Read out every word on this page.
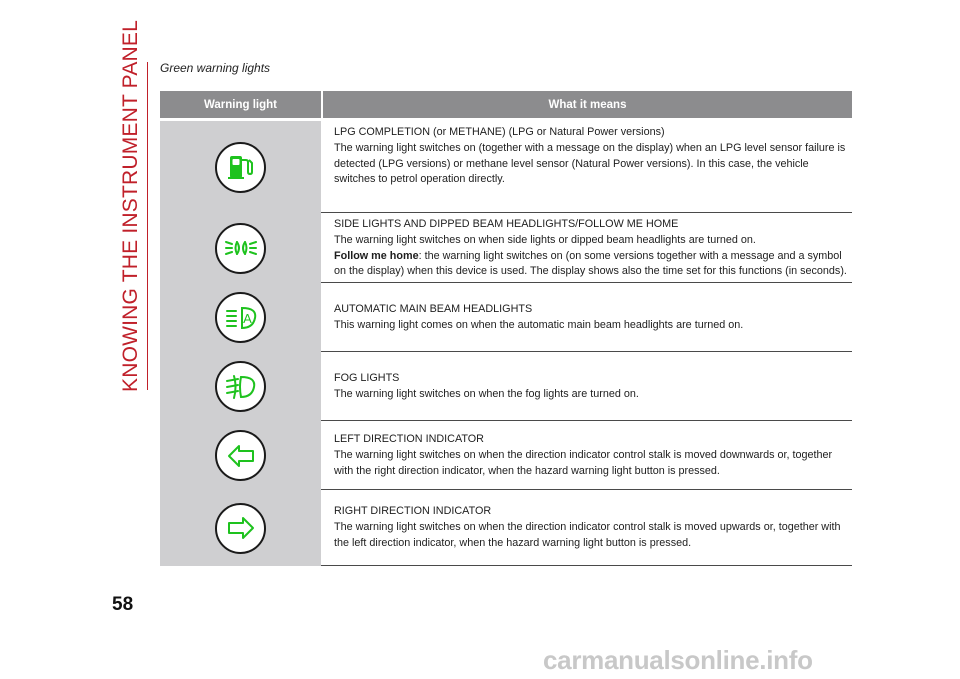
KNOWING THE INSTRUMENT PANEL Green warning lights
Warning light	What it means
LPG COMPLETION (or METHANE) (LPG or Natural Power versions)
The warning light switches on (together with a message on the display) when an LPG level sensor failure is detected (LPG versions) or methane level sensor (Natural Power versions). In this case, the vehicle switches to petrol operation directly.
SIDE LIGHTS AND DIPPED BEAM HEADLIGHTS/FOLLOW ME HOME
The warning light switches on when side lights or dipped beam headlights are turned on.
Follow me home: the warning light switches on (on some versions together with a message and a symbol on the display) when this device is used. The display shows also the time set for this functions (in seconds).
A
AUTOMATIC MAIN BEAM HEADLIGHTS
This warning light comes on when the automatic main beam headlights are turned on.
FOG LIGHTS
The warning light switches on when the fog lights are turned on.
LEFT DIRECTION INDICATOR
The warning light switches on when the direction indicator control stalk is moved downwards or, together with the right direction indicator, when the hazard warning light button is pressed.
RIGHT DIRECTION INDICATOR
The warning light switches on when the direction indicator control stalk is moved upwards or, together with the left direction indicator, when the hazard warning light button is pressed.
58
carmanualsonline.info
